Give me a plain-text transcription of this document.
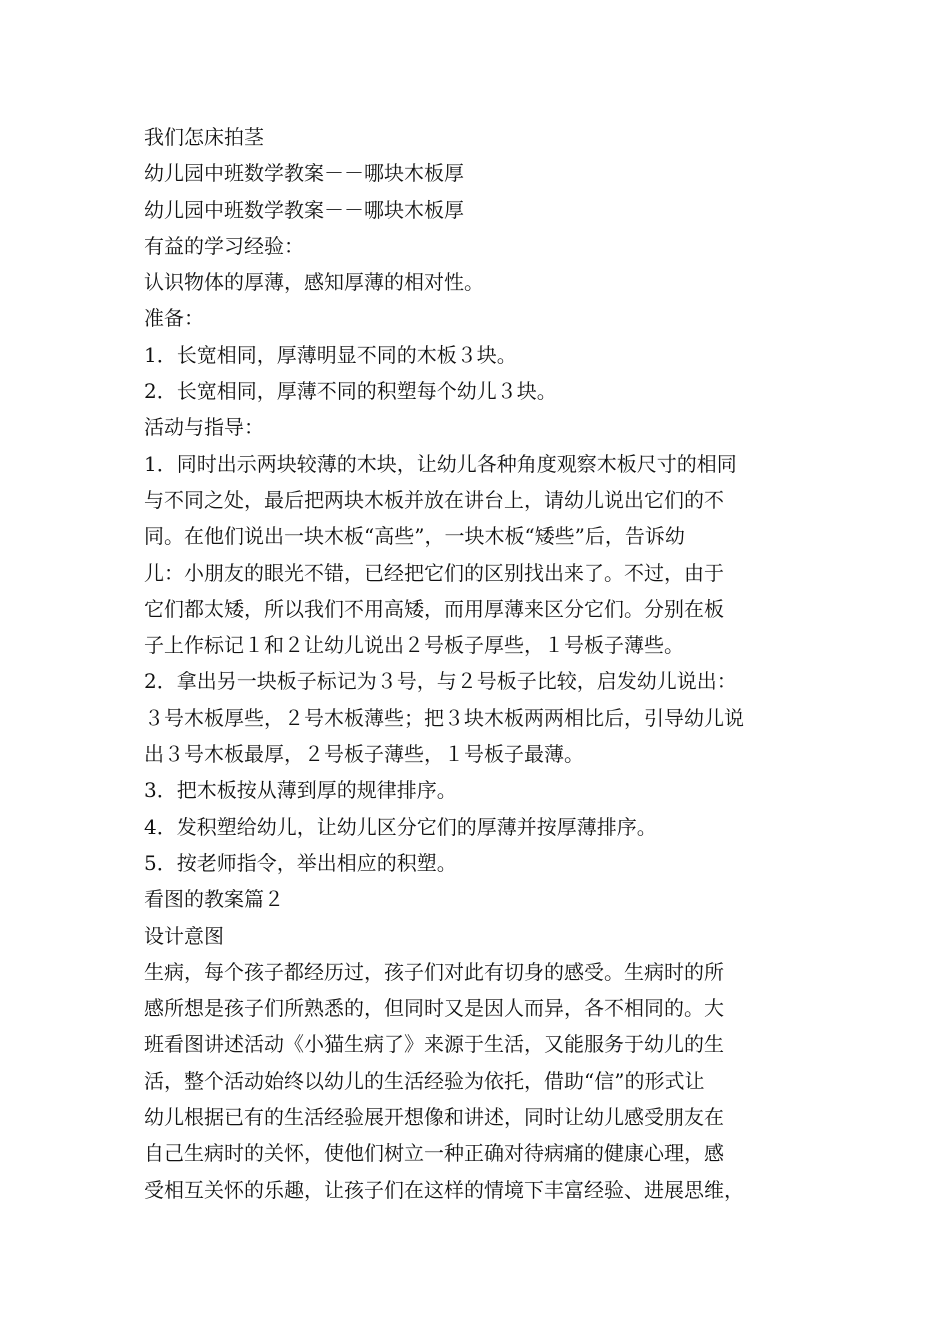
我们怎床拍茎
幼儿园中班数学教案－－哪块木板厚
幼儿园中班数学教案－－哪块木板厚
有益的学习经验：
认识物体的厚薄，感知厚薄的相对性。
准备：
1．长宽相同，厚薄明显不同的木板３块。
2．长宽相同，厚薄不同的积塑每个幼儿３块。
活动与指导：
1．同时出示两块较薄的木块，让幼儿各种角度观察木板尺寸的相同
与不同之处，最后把两块木板并放在讲台上，请幼儿说出它们的不
同。在他们说出一块木板“高些”，一块木板“矮些”后，告诉幼
儿：小朋友的眼光不错，已经把它们的区别找出来了。不过，由于
它们都太矮，所以我们不用高矮，而用厚薄来区分它们。分别在板
子上作标记１和２让幼儿说出２号板子厚些，１号板子薄些。
2．拿出另一块板子标记为３号，与２号板子比较，启发幼儿说出：
３号木板厚些，２号木板薄些；把３块木板两两相比后，引导幼儿说
出３号木板最厚，２号板子薄些，１号板子最薄。
3．把木板按从薄到厚的规律排序。
4．发积塑给幼儿，让幼儿区分它们的厚薄并按厚薄排序。
5．按老师指令，举出相应的积塑。
看图的教案篇２
设计意图
生病，每个孩子都经历过，孩子们对此有切身的感受。生病时的所
感所想是孩子们所熟悉的，但同时又是因人而异，各不相同的。大
班看图讲述活动《小猫生病了》来源于生活，又能服务于幼儿的生
活，整个活动始终以幼儿的生活经验为依托，借助“信”的形式让
幼儿根据已有的生活经验展开想像和讲述，同时让幼儿感受朋友在
自己生病时的关怀，使他们树立一种正确对待病痛的健康心理，感
受相互关怀的乐趣，让孩子们在这样的情境下丰富经验、进展思维，
